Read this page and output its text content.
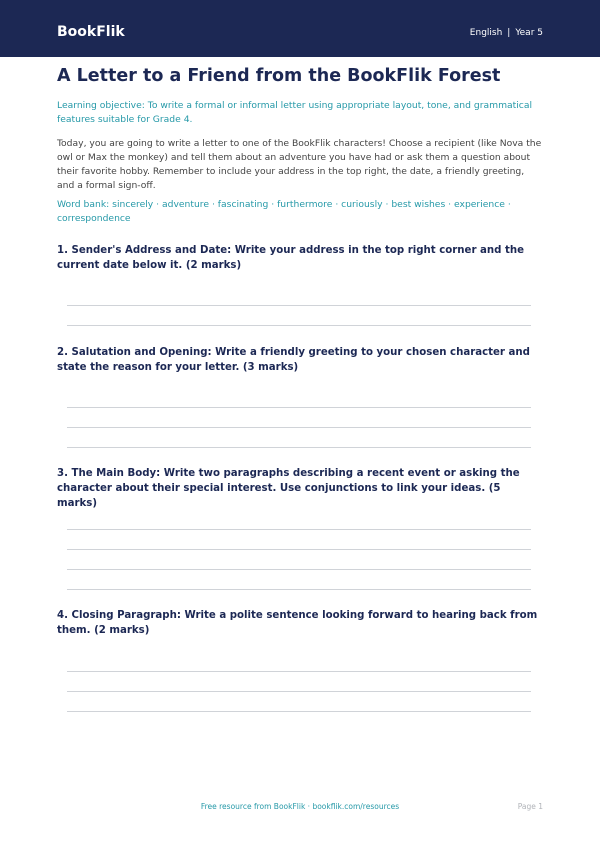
BookFlik	English | Year 5
A Letter to a Friend from the BookFlik Forest
Learning objective: To write a formal or informal letter using appropriate layout, tone, and grammatical features suitable for Grade 4.
Today, you are going to write a letter to one of the BookFlik characters! Choose a recipient (like Nova the owl or Max the monkey) and tell them about an adventure you have had or ask them a question about their favorite hobby. Remember to include your address in the top right, the date, a friendly greeting, and a formal sign-off.
Word bank: sincerely · adventure · fascinating · furthermore · curiously · best wishes · experience · correspondence
1. Sender's Address and Date: Write your address in the top right corner and the current date below it. (2 marks)
2. Salutation and Opening: Write a friendly greeting to your chosen character and state the reason for your letter. (3 marks)
3. The Main Body: Write two paragraphs describing a recent event or asking the character about their special interest. Use conjunctions to link your ideas. (5 marks)
4. Closing Paragraph: Write a polite sentence looking forward to hearing back from them. (2 marks)
Free resource from BookFlik · bookflik.com/resources	Page 1
